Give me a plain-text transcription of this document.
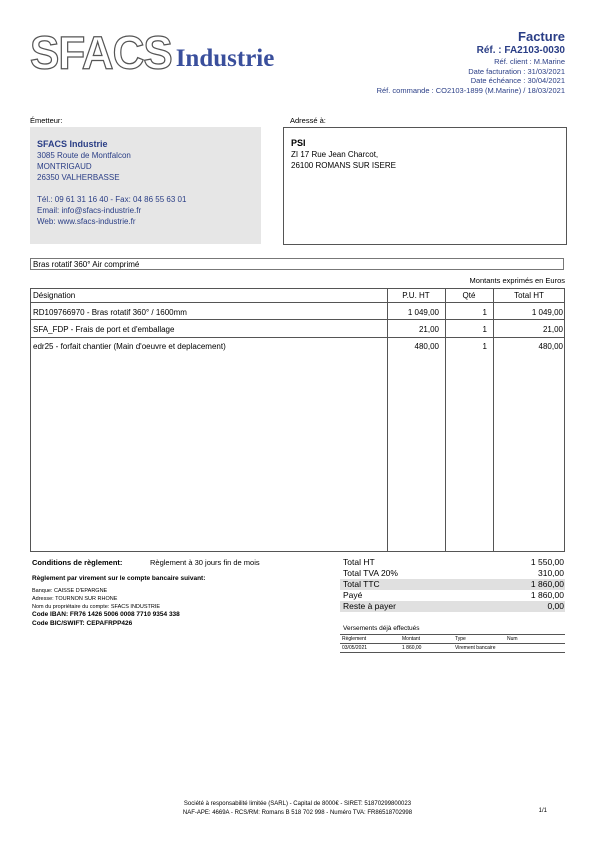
SFACS Industrie
Facture
Réf. : FA2103-0030
Réf. client : M.Marine
Date facturation : 31/03/2021
Date échéance : 30/04/2021
Réf. commande : CO2103-1899 (M.Marine) / 18/03/2021
Émetteur:	Adressé à:
SFACS Industrie
3085 Route de Montfalcon
MONTRIGAUD
26350 VALHERBASSE
Tél.: 09 61 31 16 40 - Fax: 04 86 55 63 01
Email: info@sfacs-industrie.fr
Web: www.sfacs-industrie.fr
PSI
ZI 17 Rue Jean Charcot,
26100 ROMANS SUR ISERE
Bras rotatif 360° Air comprimé
Montants exprimés en Euros
Désignation	P.U. HT	Qté	Total HT
RD109766970 - Bras rotatif 360° / 1600mm	1 049,00	1	1 049,00
SFA_FDP - Frais de port et d'emballage	21,00	1	21,00
edr25 - forfait chantier (Main d'oeuvre et deplacement)	480,00	1	480,00
Conditions de règlement:	Règlement à 30 jours fin de mois
Règlement par virement sur le compte bancaire suivant:
Banque: CAISSE D'EPARGNE
Adresse: TOURNON SUR RHONE
Nom du propriétaire du compte: SFACS INDUSTRIE
Code IBAN: FR76 1426 5006 0008 7710 9354 338
Code BIC/SWIFT: CEPAFRPP426
Total HT	1 550,00
Total TVA 20%	310,00
Total TTC	1 860,00
Payé	1 860,00
Reste à payer	0,00
Versements déjà effectués
Règlement	Montant	Type	Num
03/05/2021	1 860,00	Virement bancaire
Société à responsabilité limitée (SARL) - Capital de 8000€ - SIRET: 51870299800023
NAF-APE: 4669A - RCS/RM: Romans B 518 702 998 - Numéro TVA: FR86518702998	1/1
